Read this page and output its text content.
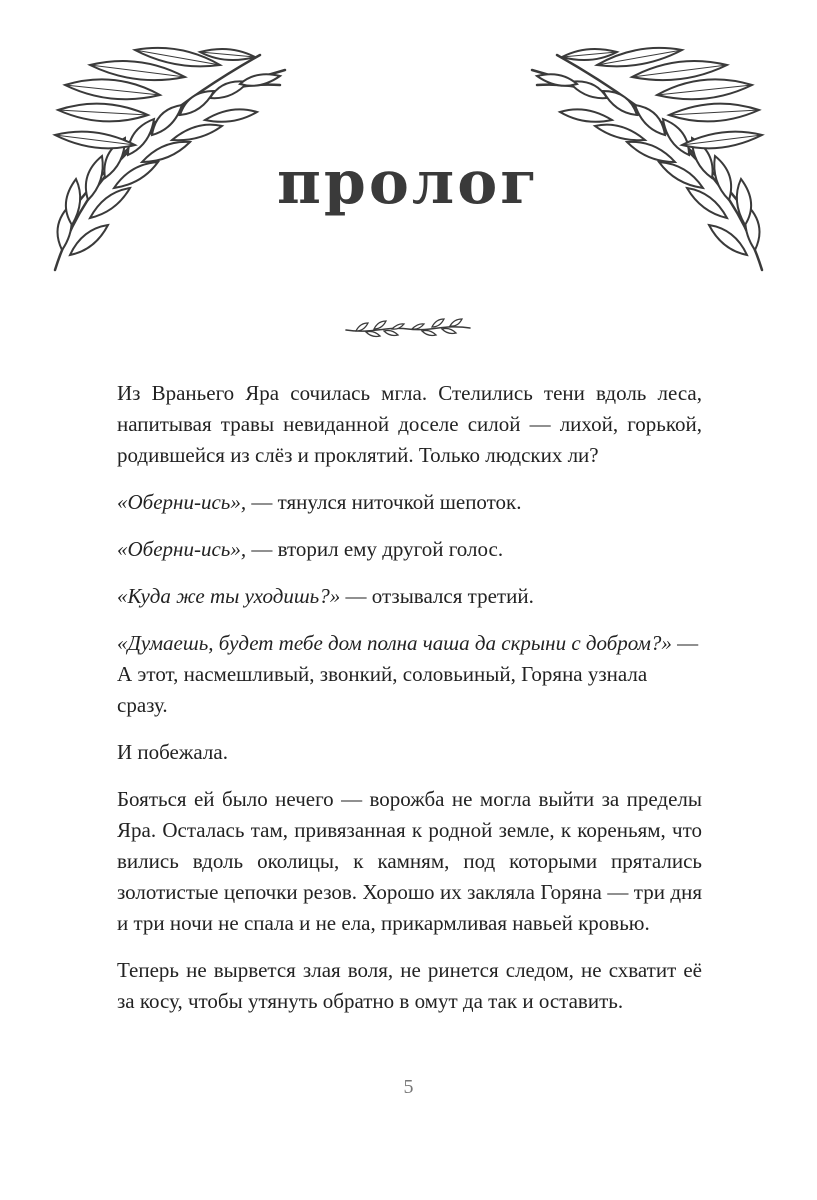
пролог

Из Враньего Яра сочилась мгла. Стелились тени вдоль леса, напитывая травы невиданной доселе силой — лихой, горькой, родившейся из слёз и проклятий. Только людских ли?

«Оберни-ись», — тянулся ниточкой шепоток.

«Оберни-ись», — вторил ему другой голос.

«Куда же ты уходишь?» — отзывался третий.

«Думаешь, будет тебе дом полна чаша да скрыни с добром?» — А этот, насмешливый, звонкий, соловьиный, Горяна узнала сразу.

И побежала.

Бояться ей было нечего — ворожба не могла выйти за пределы Яра. Осталась там, привязанная к родной земле, к кореньям, что вились вдоль околицы, к камням, под которыми прятались золотистые цепочки резов. Хорошо их закляла Горяна — три дня и три ночи не спала и не ела, прикармливая навьей кровью.

Теперь не вырвется злая воля, не ринется следом, не схватит её за косу, чтобы утянуть обратно в омут да так и оставить.

5
